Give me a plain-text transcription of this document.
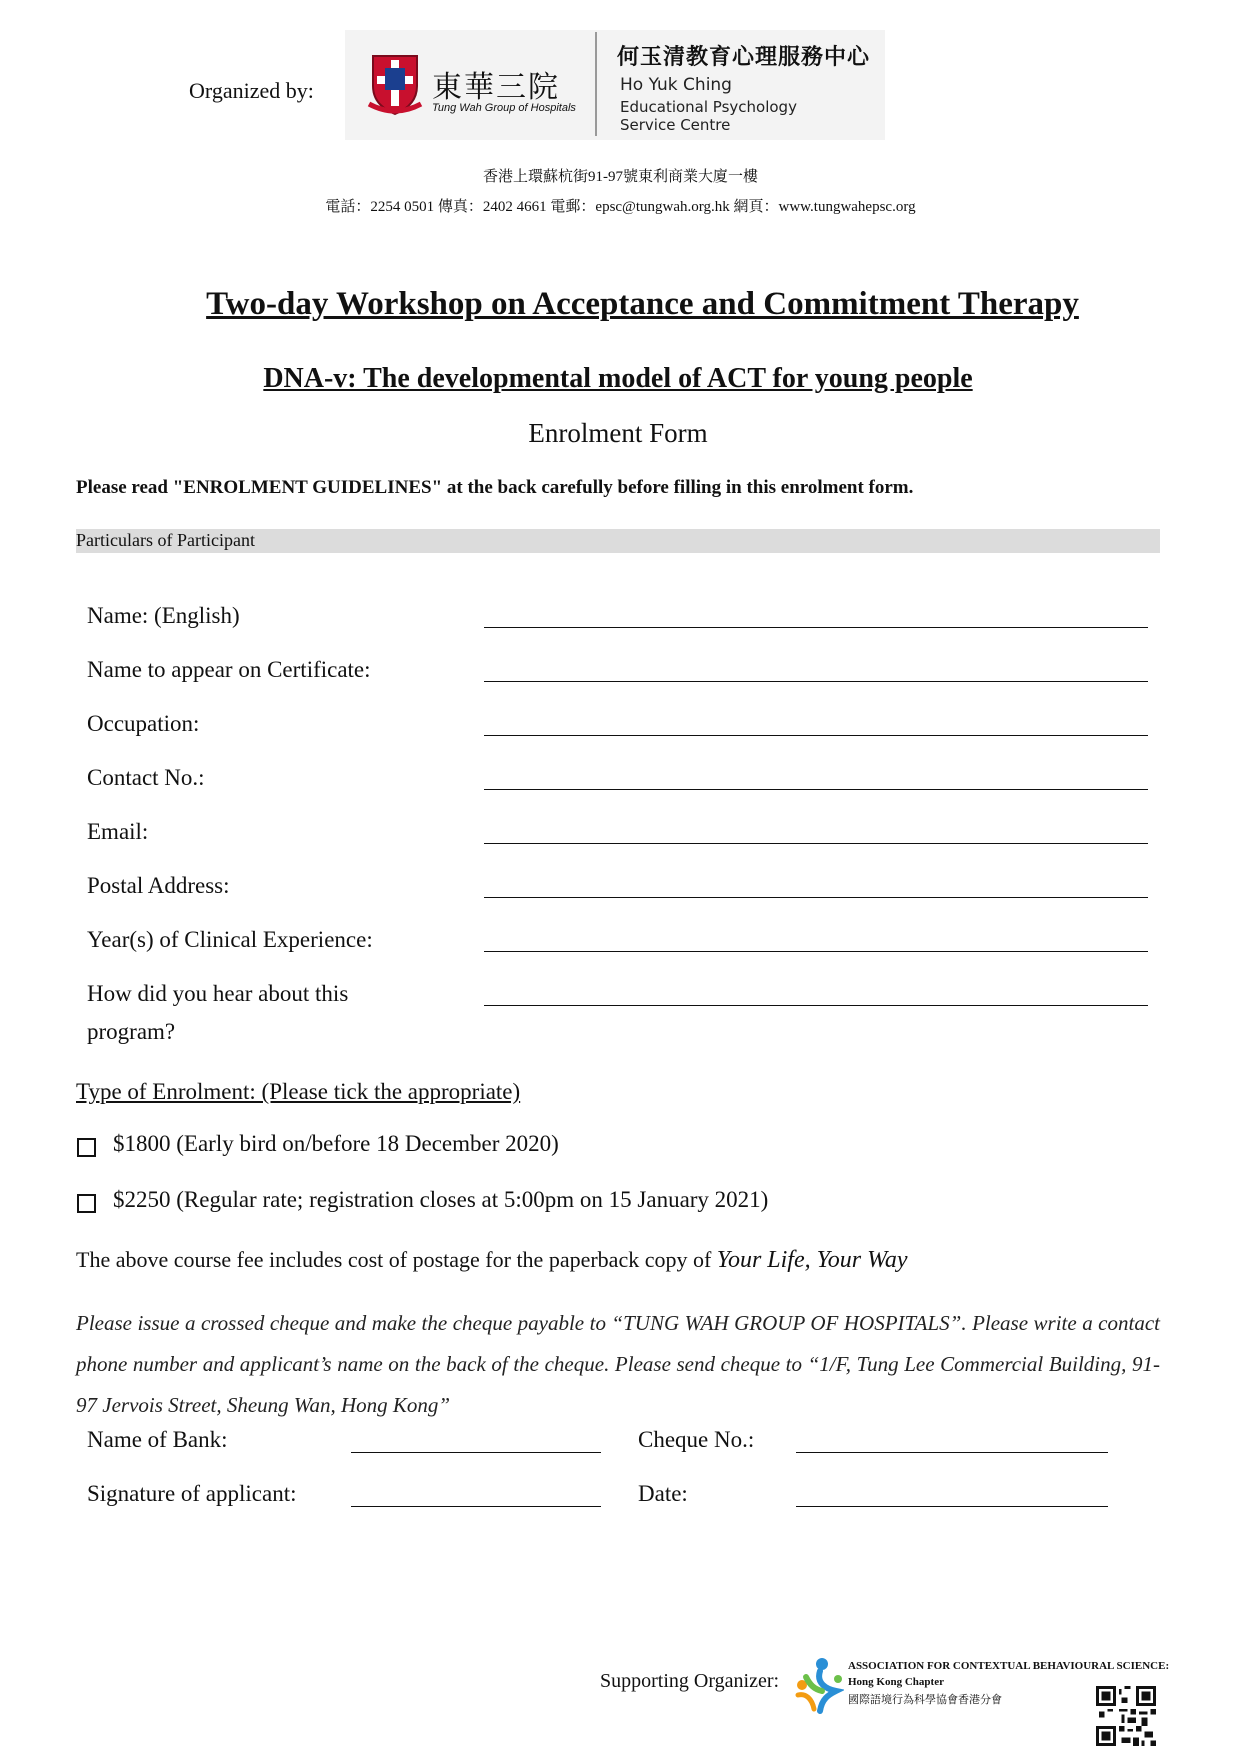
Organized by:	東華三院
Tung Wah Group of Hospitals
何玉清教育心理服務中心
Ho Yuk Ching
Educational Psychology
Service Centre
香港上環蘇杭街91-97號東利商業大廈一樓
電話：2254 0501 傳真：2402 4661 電郵：epsc@tungwah.org.hk 網頁：www.tungwahepsc.org
Two-day Workshop on Acceptance and Commitment Therapy
DNA-v: The developmental model of ACT for young people
Enrolment Form
Please read "ENROLMENT GUIDELINES" at the back carefully before filling in this enrolment form.
Particulars of Participant
Name: (English)
Name to appear on Certificate:
Occupation:
Contact No.:
Email:
Postal Address:
Year(s) of Clinical Experience:
How did you hear about this
program?
Type of Enrolment: (Please tick the appropriate)
$1800 (Early bird on/before 18 December 2020)
$2250 (Regular rate; registration closes at 5:00pm on 15 January 2021)
The above course fee includes cost of postage for the paperback copy of Your Life, Your Way
Please issue a crossed cheque and make the cheque payable to “TUNG WAH GROUP OF HOSPITALS”. Please write a contact phone number and applicant’s name on the back of the cheque. Please send cheque to “1/F, Tung Lee Commercial Building, 91-97 Jervois Street, Sheung Wan, Hong Kong”
Name of Bank:	Cheque No.:
Signature of applicant:	Date:
Supporting Organizer:
ASSOCIATION FOR CONTEXTUAL BEHAVIOURAL SCIENCE:
Hong Kong Chapter
國際語境行為科學協會香港分會
